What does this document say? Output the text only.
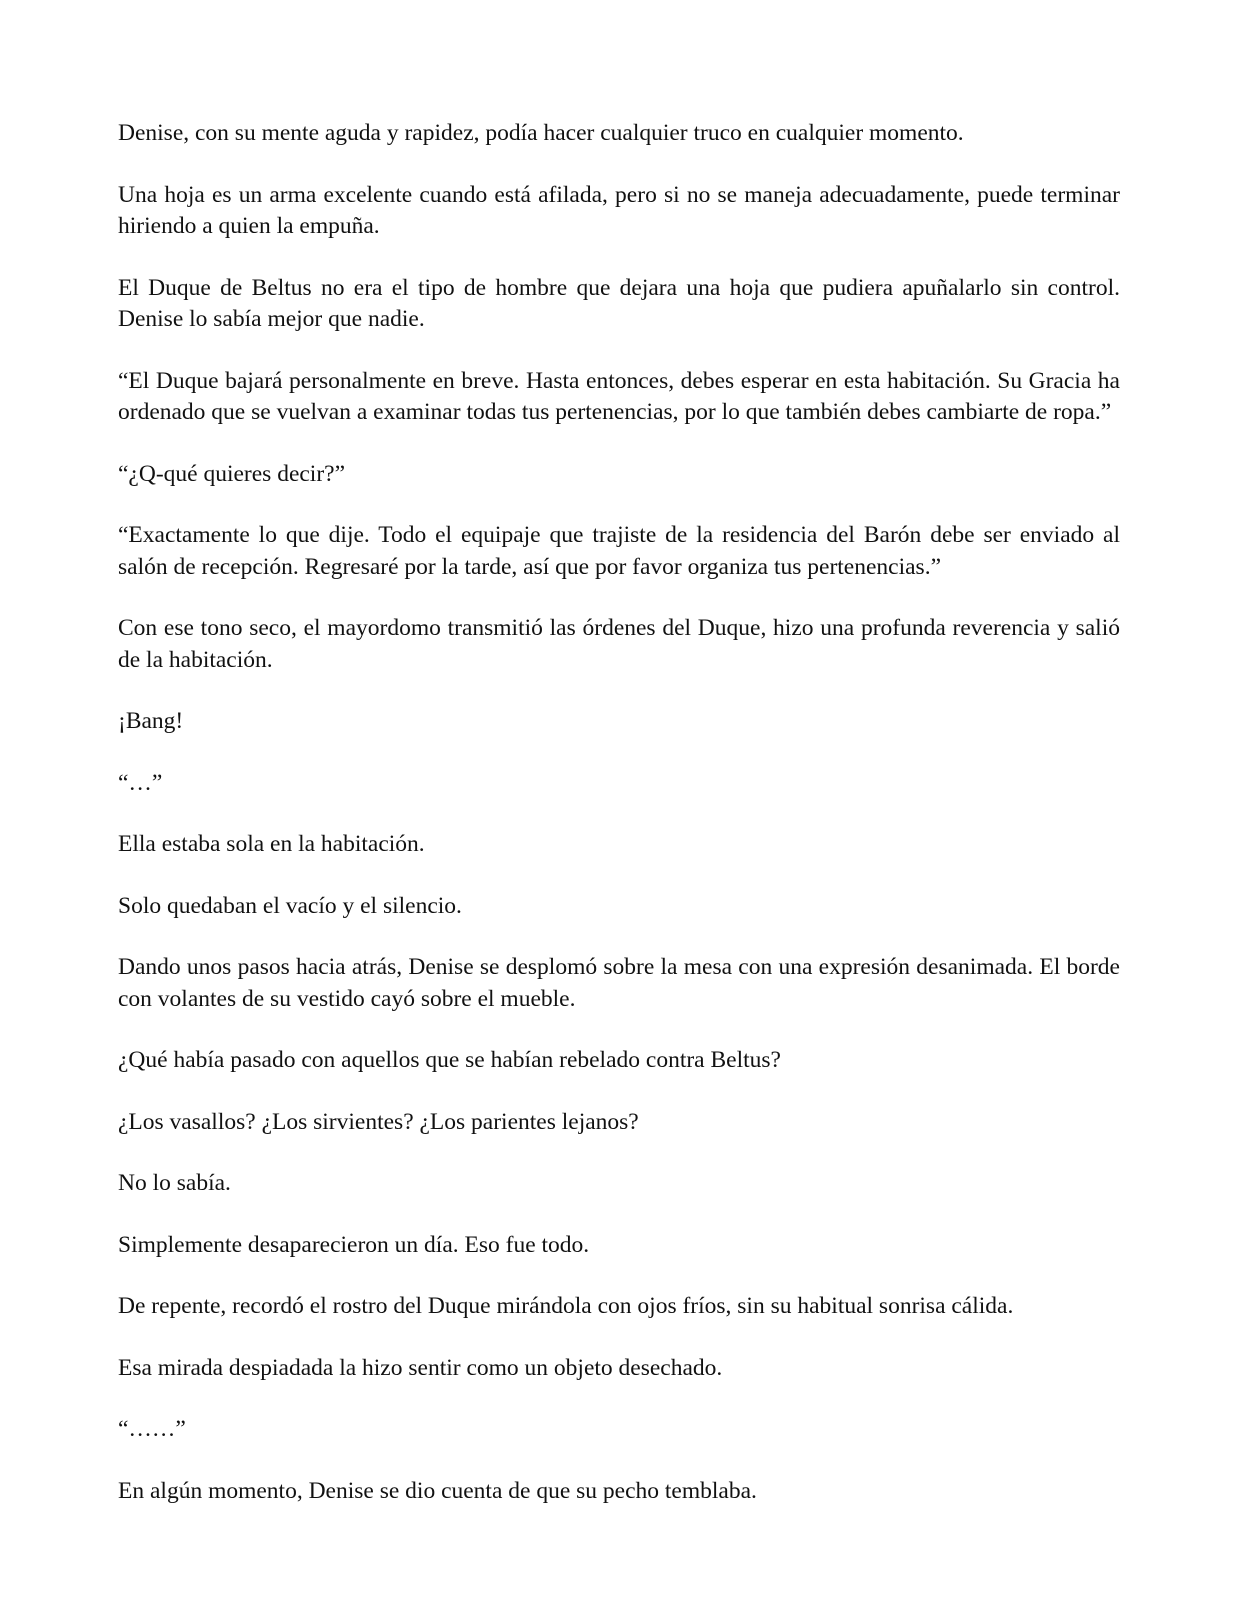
Denise, con su mente aguda y rapidez, podía hacer cualquier truco en cualquier momento.

Una hoja es un arma excelente cuando está afilada, pero si no se maneja adecuadamente, puede terminar hiriendo a quien la empuña.

El Duque de Beltus no era el tipo de hombre que dejara una hoja que pudiera apuñalarlo sin control. Denise lo sabía mejor que nadie.

“El Duque bajará personalmente en breve. Hasta entonces, debes esperar en esta habitación. Su Gracia ha ordenado que se vuelvan a examinar todas tus pertenencias, por lo que también debes cambiarte de ropa.”

“¿Q-qué quieres decir?”

“Exactamente lo que dije. Todo el equipaje que trajiste de la residencia del Barón debe ser enviado al salón de recepción. Regresaré por la tarde, así que por favor organiza tus pertenencias.”

Con ese tono seco, el mayordomo transmitió las órdenes del Duque, hizo una profunda reverencia y salió de la habitación.

¡Bang!

“…”

Ella estaba sola en la habitación.

Solo quedaban el vacío y el silencio.

Dando unos pasos hacia atrás, Denise se desplomó sobre la mesa con una expresión desanimada. El borde con volantes de su vestido cayó sobre el mueble.

¿Qué había pasado con aquellos que se habían rebelado contra Beltus?

¿Los vasallos? ¿Los sirvientes? ¿Los parientes lejanos?

No lo sabía.

Simplemente desaparecieron un día. Eso fue todo.

De repente, recordó el rostro del Duque mirándola con ojos fríos, sin su habitual sonrisa cálida.

Esa mirada despiadada la hizo sentir como un objeto desechado.

“……”

En algún momento, Denise se dio cuenta de que su pecho temblaba.
